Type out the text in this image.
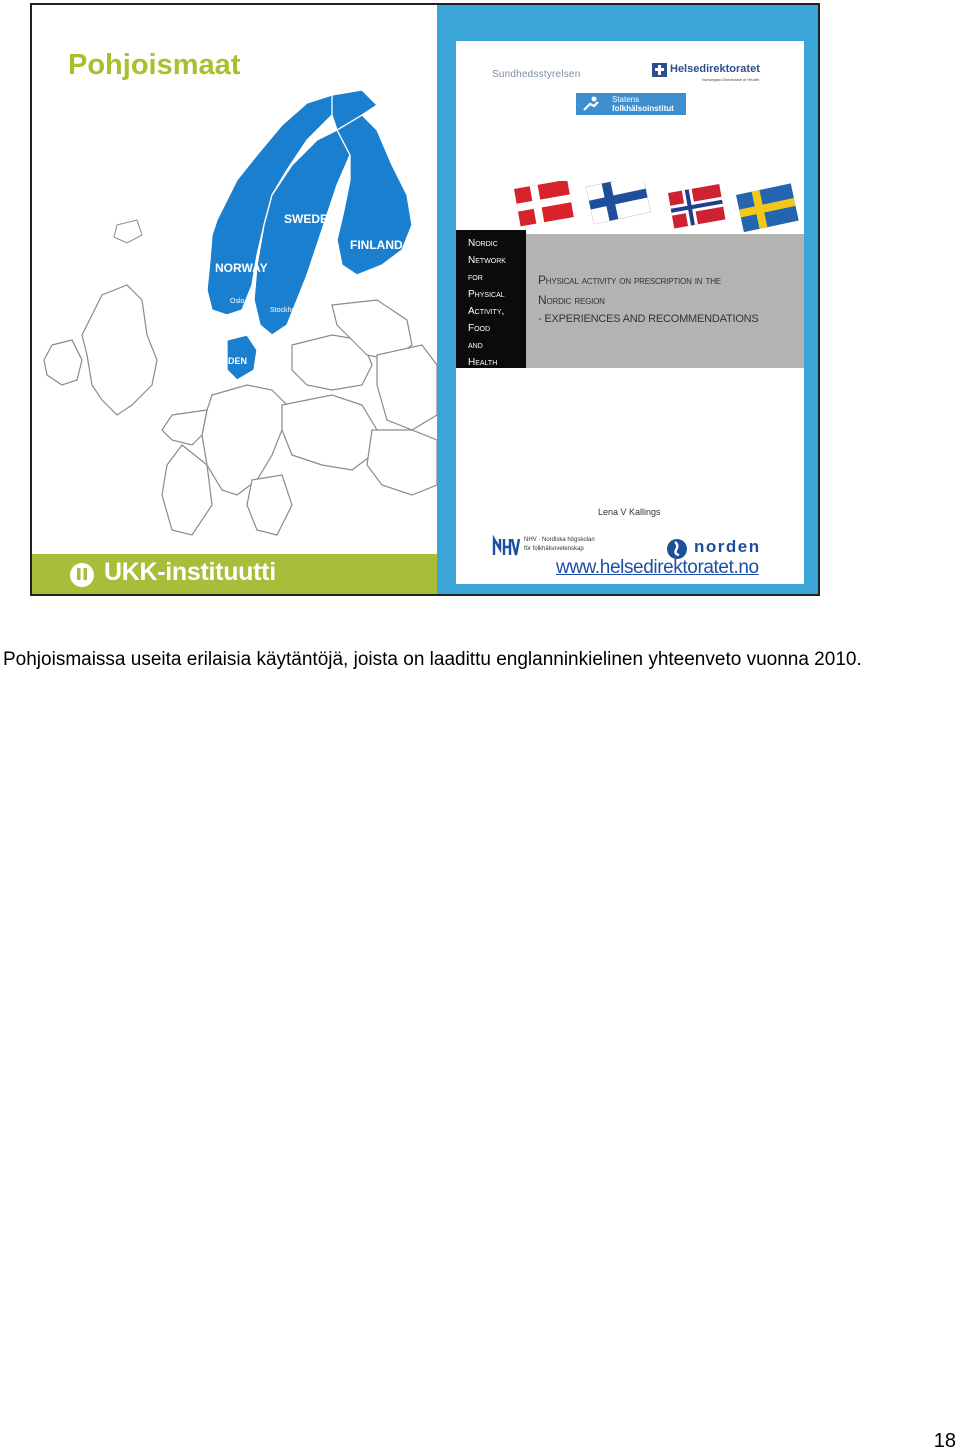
Pohjoismaat
SWEDEN
FINLAND
NORWAY
DEN
Oslo
Stockholm
Helsinki
UKK-instituutti
Sundhedsstyrelsen	Helsedirektoratet
Norwegian Directorate of Health
Statens
folkhälsoinstitut
Nordic
Network
for
Physical
Activity,
Food
and
Health
Physical activity on prescription in the
Nordic region
- EXPERIENCES AND RECOMMENDATIONS
Lena V Kallings
NHV · Nordiska högskolan
för folkhälsovetenskap	norden
www.helsedirektoratet.no
Pohjoismaissa useita erilaisia käytäntöjä, joista on laadittu englanninkielinen yhteenveto vuonna 2010.
18
